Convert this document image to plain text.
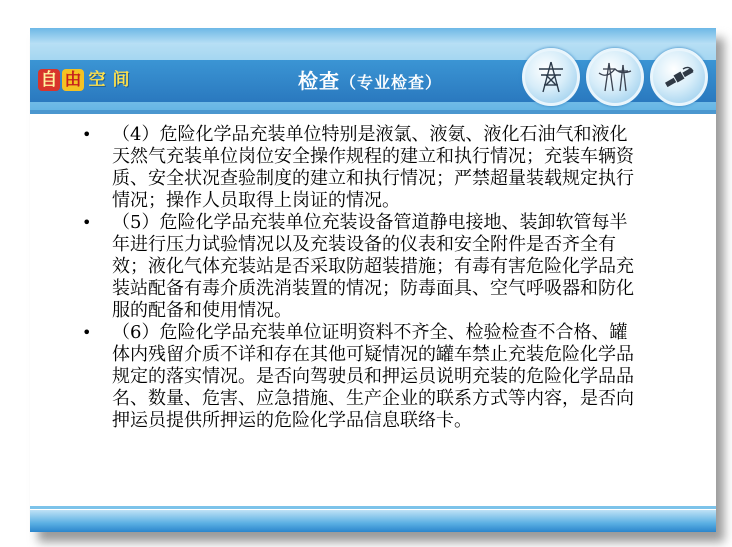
自 由 空 间	检查（专业检查）
•	（4）危险化学品充装单位特别是液氯、液氨、液化石油气和液化天然气充装单位岗位安全操作规程的建立和执行情况；充装车辆资质、安全状况查验制度的建立和执行情况；严禁超量装载规定执行情况；操作人员取得上岗证的情况。
•	（5）危险化学品充装单位充装设备管道静电接地、装卸软管每半年进行压力试验情况以及充装设备的仪表和安全附件是否齐全有效；液化气体充装站是否采取防超装措施；有毒有害危险化学品充装站配备有毒介质洗消装置的情况；防毒面具、空气呼吸器和防化服的配备和使用情况。
•	（6）危险化学品充装单位证明资料不齐全、检验检查不合格、罐体内残留介质不详和存在其他可疑情况的罐车禁止充装危险化学品规定的落实情况。是否向驾驶员和押运员说明充装的危险化学品品名、数量、危害、应急措施、生产企业的联系方式等内容，是否向押运员提供所押运的危险化学品信息联络卡。
